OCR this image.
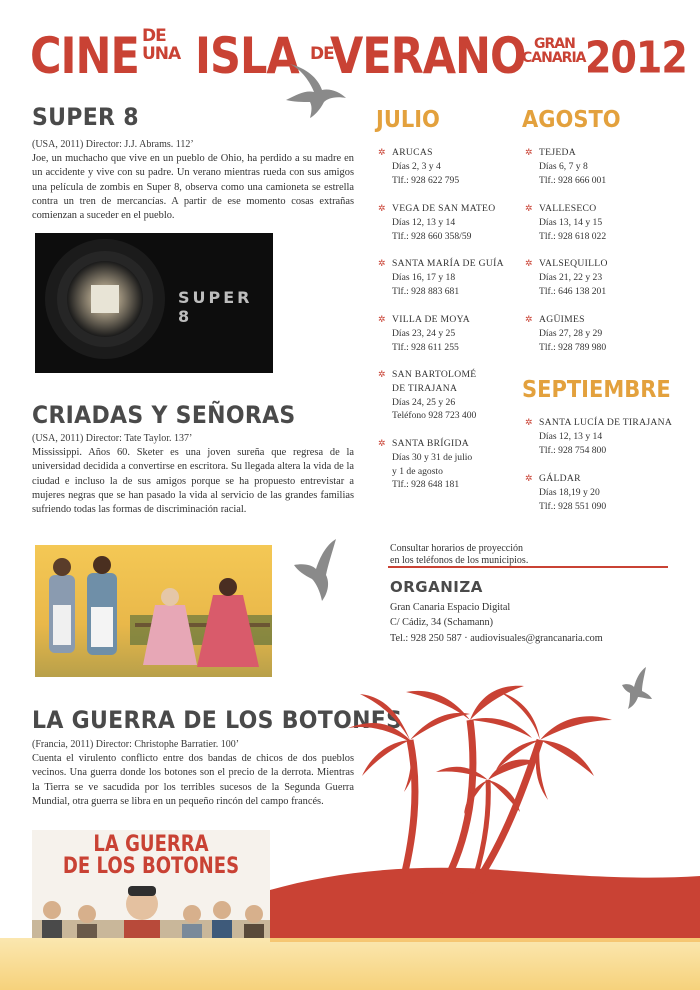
CINE DE
UNA ISLA DE
VERANO GRAN
CANARIA 2012
SUPER 8
(USA, 2011) Director: J.J. Abrams. 112’
Joe, un muchacho que vive en un pueblo de Ohio, ha perdido a su madre en un accidente y vive con su padre. Un verano mientras rueda con sus amigos una película de zombis en Super 8, observa como una camioneta se estrella contra un tren de mercancías. A partir de ese momento cosas extrañas comienzan a suceder en el pueblo.
SUPER 8
CRIADAS Y SEÑORAS
(USA, 2011) Director: Tate Taylor. 137’
Mississippi. Años 60. Sketer es una joven sureña que regresa de la universidad decidida a convertirse en escritora. Su llegada altera la vida de la ciudad e incluso la de sus amigos porque se ha propuesto entrevistar a mujeres negras que se han pasado la vida al servicio de las grandes familias sufriendo todas las formas de discriminación racial.
LA GUERRA DE LOS BOTONES
(Francia, 2011) Director: Christophe Barratier. 100’
Cuenta el virulento conflicto entre dos bandas de chicos de dos pueblos vecinos. Una guerra donde los botones son el precio de la derrota. Mientras la Tierra se ve sacudida por los terribles sucesos de la Segunda Guerra Mundial, otra guerra se libra en un pequeño rincón del campo francés.
LA GUERRA
DE LOS BOTONES
JULIO
✲ ARUCAS
Días 2, 3 y 4
Tlf.: 928 622 795
✲ VEGA DE SAN MATEO
Días 12, 13 y 14
Tlf.: 928 660 358/59
✲ SANTA MARÍA DE GUÍA
Días 16, 17 y 18
Tlf.: 928 883 681
✲ VILLA DE MOYA
Días 23, 24 y 25
Tlf.: 928 611 255
✲ SAN BARTOLOMÉ
DE TIRAJANA
Días 24, 25 y 26
Teléfono 928 723 400
✲ SANTA BRÍGIDA
Días 30 y 31 de julio
y 1 de agosto
Tlf.: 928 648 181
AGOSTO
✲ TEJEDA
Días 6, 7 y 8
Tlf.: 928 666 001
✲ VALLESECO
Días 13, 14 y 15
Tlf.: 928 618 022
✲ VALSEQUILLO
Días 21, 22 y 23
Tlf.: 646 138 201
✲ AGÜIMES
Días 27, 28 y 29
Tlf.: 928 789 980
SEPTIEMBRE
✲ SANTA LUCÍA DE TIRAJANA
Días 12, 13 y 14
Tlf.: 928 754 800
✲ GÁLDAR
Días 18,19 y 20
Tlf.: 928 551 090
Consultar horarios de proyección
en los teléfonos de los municipios.
ORGANIZA
Gran Canaria Espacio Digital
C/ Cádiz, 34 (Schamann)
Tel.: 928 250 587 · audiovisuales@grancanaria.com
